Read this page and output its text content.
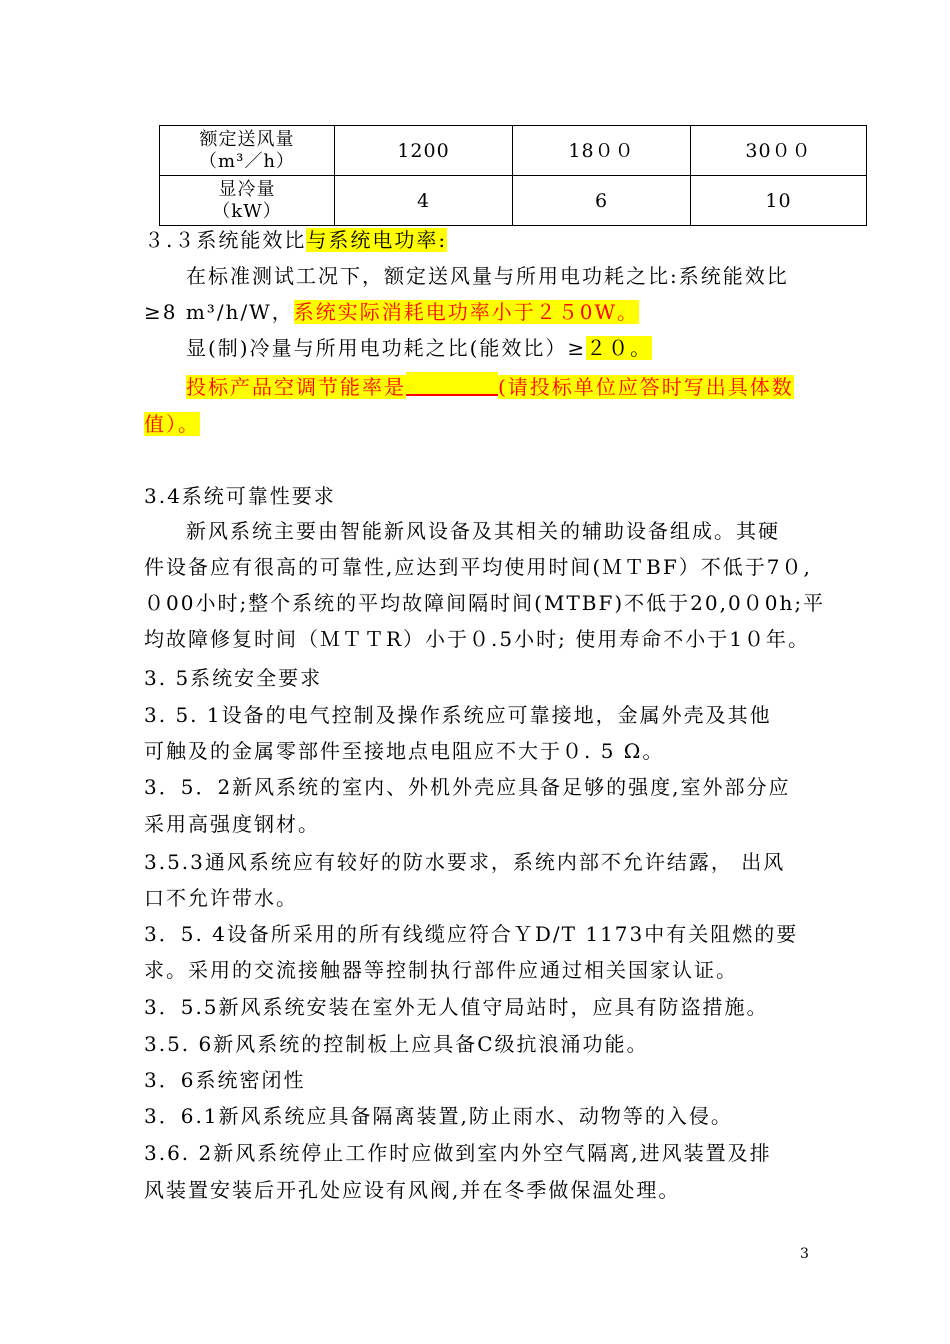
额定送风量
（m³／h）	1200	18００	30００

显冷量
（kW）	4	6	10
３.３系统能效比与系统电功率:
在标准测试工况下，额定送风量与所用电功耗之比:系统能效比
≥8 m³/h/W，系统实际消耗电功率小于２５0W。
显(制)冷量与所用电功耗之比(能效比）≥２０。
投标产品空调节能率是	(请投标单位应答时写出具体数
值）。
3.4系统可靠性要求
新风系统主要由智能新风设备及其相关的辅助设备组成。其硬
件设备应有很高的可靠性,应达到平均使用时间(ＭＴBF）不低于7０,
０00小时;整个系统的平均故障间隔时间(MTBF)不低于20,0０0h;平
均故障修复时间（ＭＴＴR）小于０.5小时; 使用寿命不小于1０年。
3. 5系统安全要求
3. 5. 1设备的电气控制及操作系统应可靠接地，金属外壳及其他
可触及的金属零部件至接地点电阻应不大于０. 5 Ω。
3．5．2新风系统的室内、外机外壳应具备足够的强度,室外部分应
采用高强度钢材。
3.5.3通风系统应有较好的防水要求，系统内部不允许结露， 出风
口不允许带水。
3．5. 4设备所采用的所有线缆应符合ＹD/T 1173中有关阻燃的要
求。采用的交流接触器等控制执行部件应通过相关国家认证。
3．5.5新风系统安装在室外无人值守局站时，应具有防盗措施。
3.5. 6新风系统的控制板上应具备C级抗浪涌功能。
3．6系统密闭性
3．6.1新风系统应具备隔离装置,防止雨水、动物等的入侵。
3.6. 2新风系统停止工作时应做到室内外空气隔离,进风装置及排
风装置安装后开孔处应设有风阀,并在冬季做保温处理。
3
